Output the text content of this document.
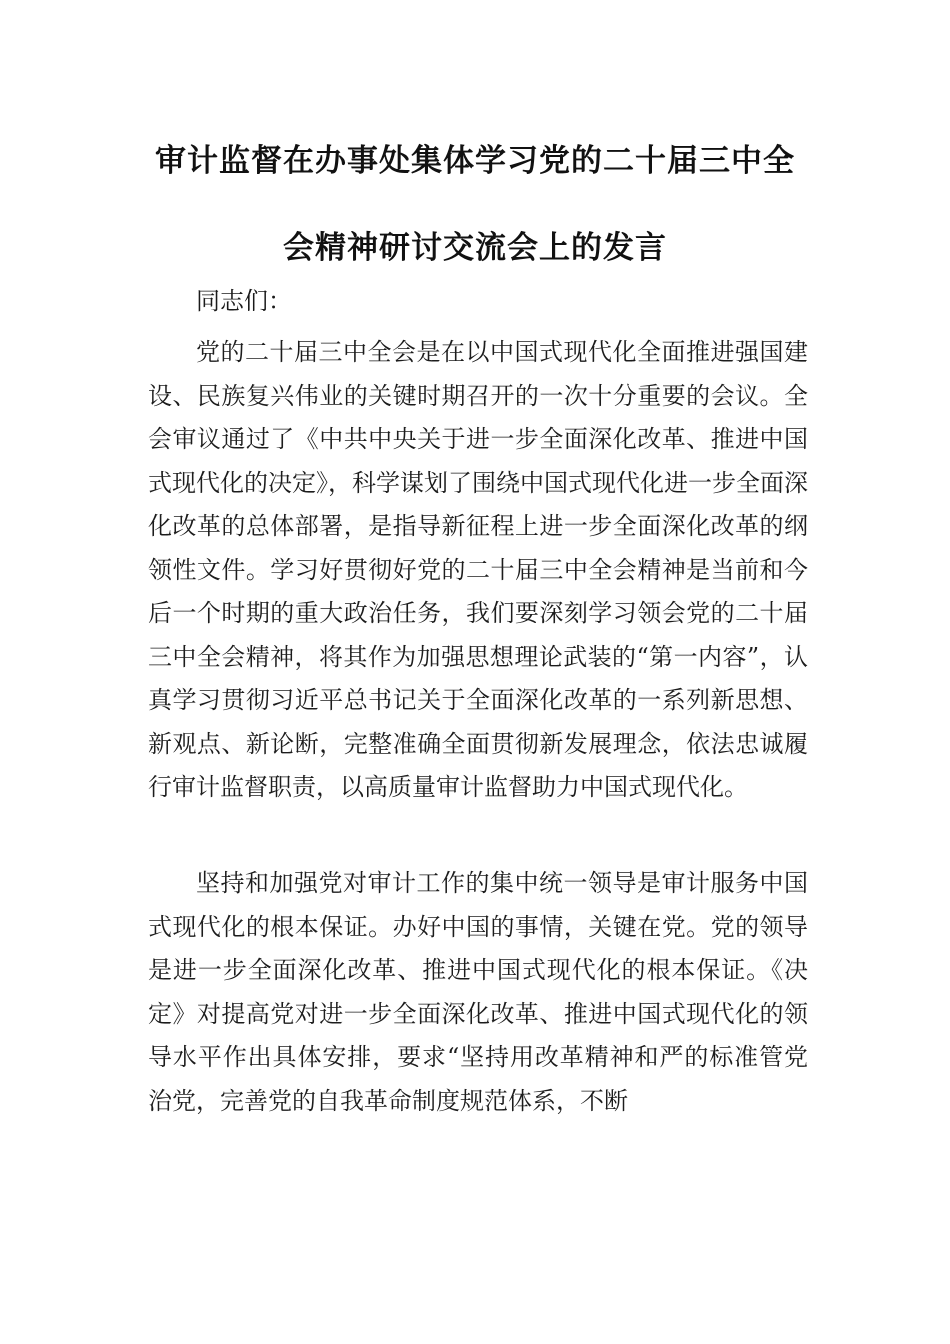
审计监督在办事处集体学习党的二十届三中全
会精神研讨交流会上的发言
同志们：

党的二十届三中全会是在以中国式现代化全面推进强国建设、民族复兴伟业的关键时期召开的一次十分重要的会议。全会审议通过了《中共中央关于进一步全面深化改革、推进中国式现代化的决定》，科学谋划了围绕中国式现代化进一步全面深化改革的总体部署，是指导新征程上进一步全面深化改革的纲领性文件。学习好贯彻好党的二十届三中全会精神是当前和今后一个时期的重大政治任务，我们要深刻学习领会党的二十届三中全会精神，将其作为加强思想理论武装的“第一内容”，认真学习贯彻习近平总书记关于全面深化改革的一系列新思想、新观点、新论断，完整准确全面贯彻新发展理念，依法忠诚履行审计监督职责，以高质量审计监督助力中国式现代化。

坚持和加强党对审计工作的集中统一领导是审计服务中国式现代化的根本保证。办好中国的事情，关键在党。党的领导是进一步全面深化改革、推进中国式现代化的根本保证。《决定》对提高党对进一步全面深化改革、推进中国式现代化的领导水平作出具体安排，要求“坚持用改革精神和严的标准管党治党，完善党的自我革命制度规范体系，不断
